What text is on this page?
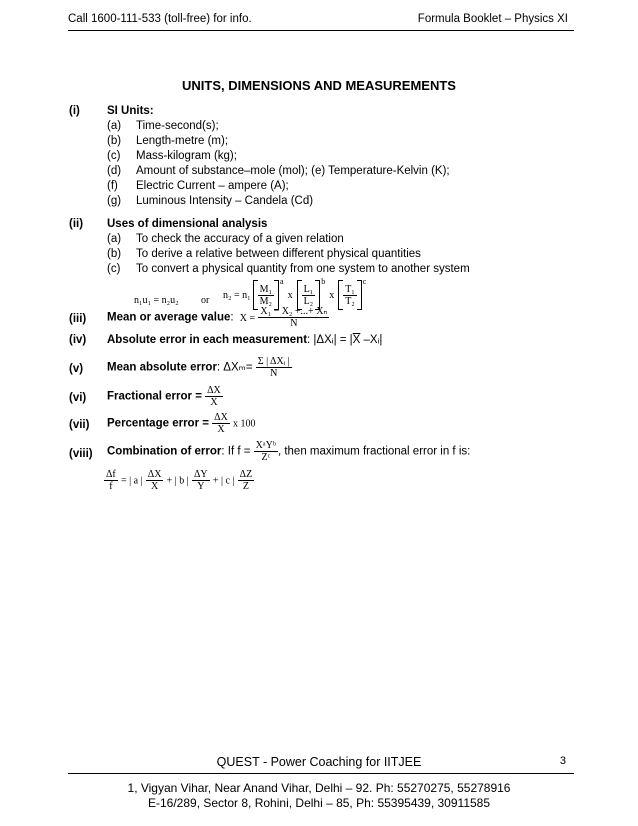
Call 1600-111-533 (toll-free) for info.	Formula Booklet – Physics XI
UNITS, DIMENSIONS AND MEASUREMENTS
(i) SI Units:
(a) Time-second(s);
(b) Length-metre (m);
(c) Mass-kilogram (kg);
(d) Amount of substance–mole (mol); (e) Temperature-Kelvin (K);
(f) Electric Current – ampere (A);
(g) Luminous Intensity – Candela (Cd)
(ii) Uses of dimensional analysis
(a) To check the accuracy of a given relation
(b) To derive a relative between different physical quantities
(c) To convert a physical quantity from one system to another system
n₁u₁ = n₂u₂ or $n_2 = n_1 \frac{\text{M₁}}{\text{M₂}}$
a
x $\frac{\text{L₁}}{\text{L₂}}$
b
x $\frac{\text{T₁}}{\text{T₂}}$
c
(iii) Mean or average value: $X = \frac{\text{X₁ − X₂ +...+ Xₙ}}{N}$
(iv) Absolute error in each measurement: |ΔXᵢ| = $|\overline{X}$ –Xᵢ|
(v) Mean absolute error: $\Delta X_m= \frac{\text{Σ | ΔXᵢ |}}{N}$
(vi) Fractional error = $\frac{\Delta X}{X}$
(vii) Percentage error = $\frac{\Delta X}{X}$ x 100
(viii) Combination of error: If $f = \frac{\text{XᵃYᵇ}}{\text{Zᶜ}}$ , then maximum fractional error in f is:
$\frac{\Delta f}{f}$ = | a | $\frac{\Delta X}{X}$ + | b | $\frac{\Delta Y}{Y}$ + | c | $\frac{\Delta Z}{Z}$
QUEST - Power Coaching for IITJEE	3
1, Vigyan Vihar, Near Anand Vihar, Delhi – 92. Ph: 55270275, 55278916
E-16/289, Sector 8, Rohini, Delhi – 85, Ph: 55395439, 30911585
